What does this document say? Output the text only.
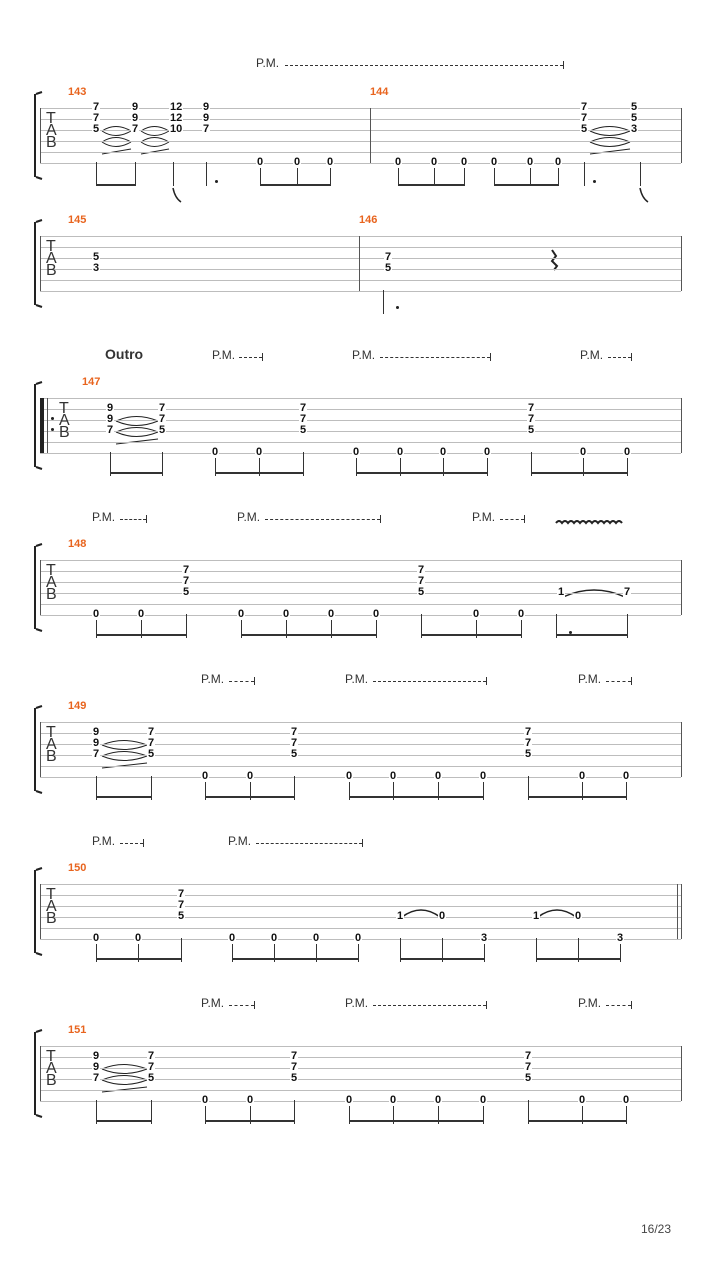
T
A
B
143	144
P.M.
7
7
5
9
9
7
12
12
10
9
9
7
0	0 0	0	0 0 0	0 0
7
7
5
5
5
3
T
A
B
145	146
5
3
7
5
T
A
B
147
Outro	P.M.	P.M.	P.M.
9
9
7
7
7
5
0	0
7
7
5
0	0	0	0
7
7
5
0	0
T
A
B
148
P.M.	P.M.	P.M.
0	0
7
7
5
0	0	0	0
7
7
5
0	0
1	7
T
A
B
149
P.M.	P.M.	P.M.
9
9
7
7
7
5
0	0
7
7
5
0	0	0	0
7
7
5
0	0
T
A
B
150
P.M.	P.M.
0	0
7
7
5
0	0	0	0
1	0
3
1	0
3
T
A
B
151
P.M.	P.M.	P.M.
9
9
7
7
7
5
0	0
7
7
5
0	0	0	0
7
7
5
0	0
16/23
